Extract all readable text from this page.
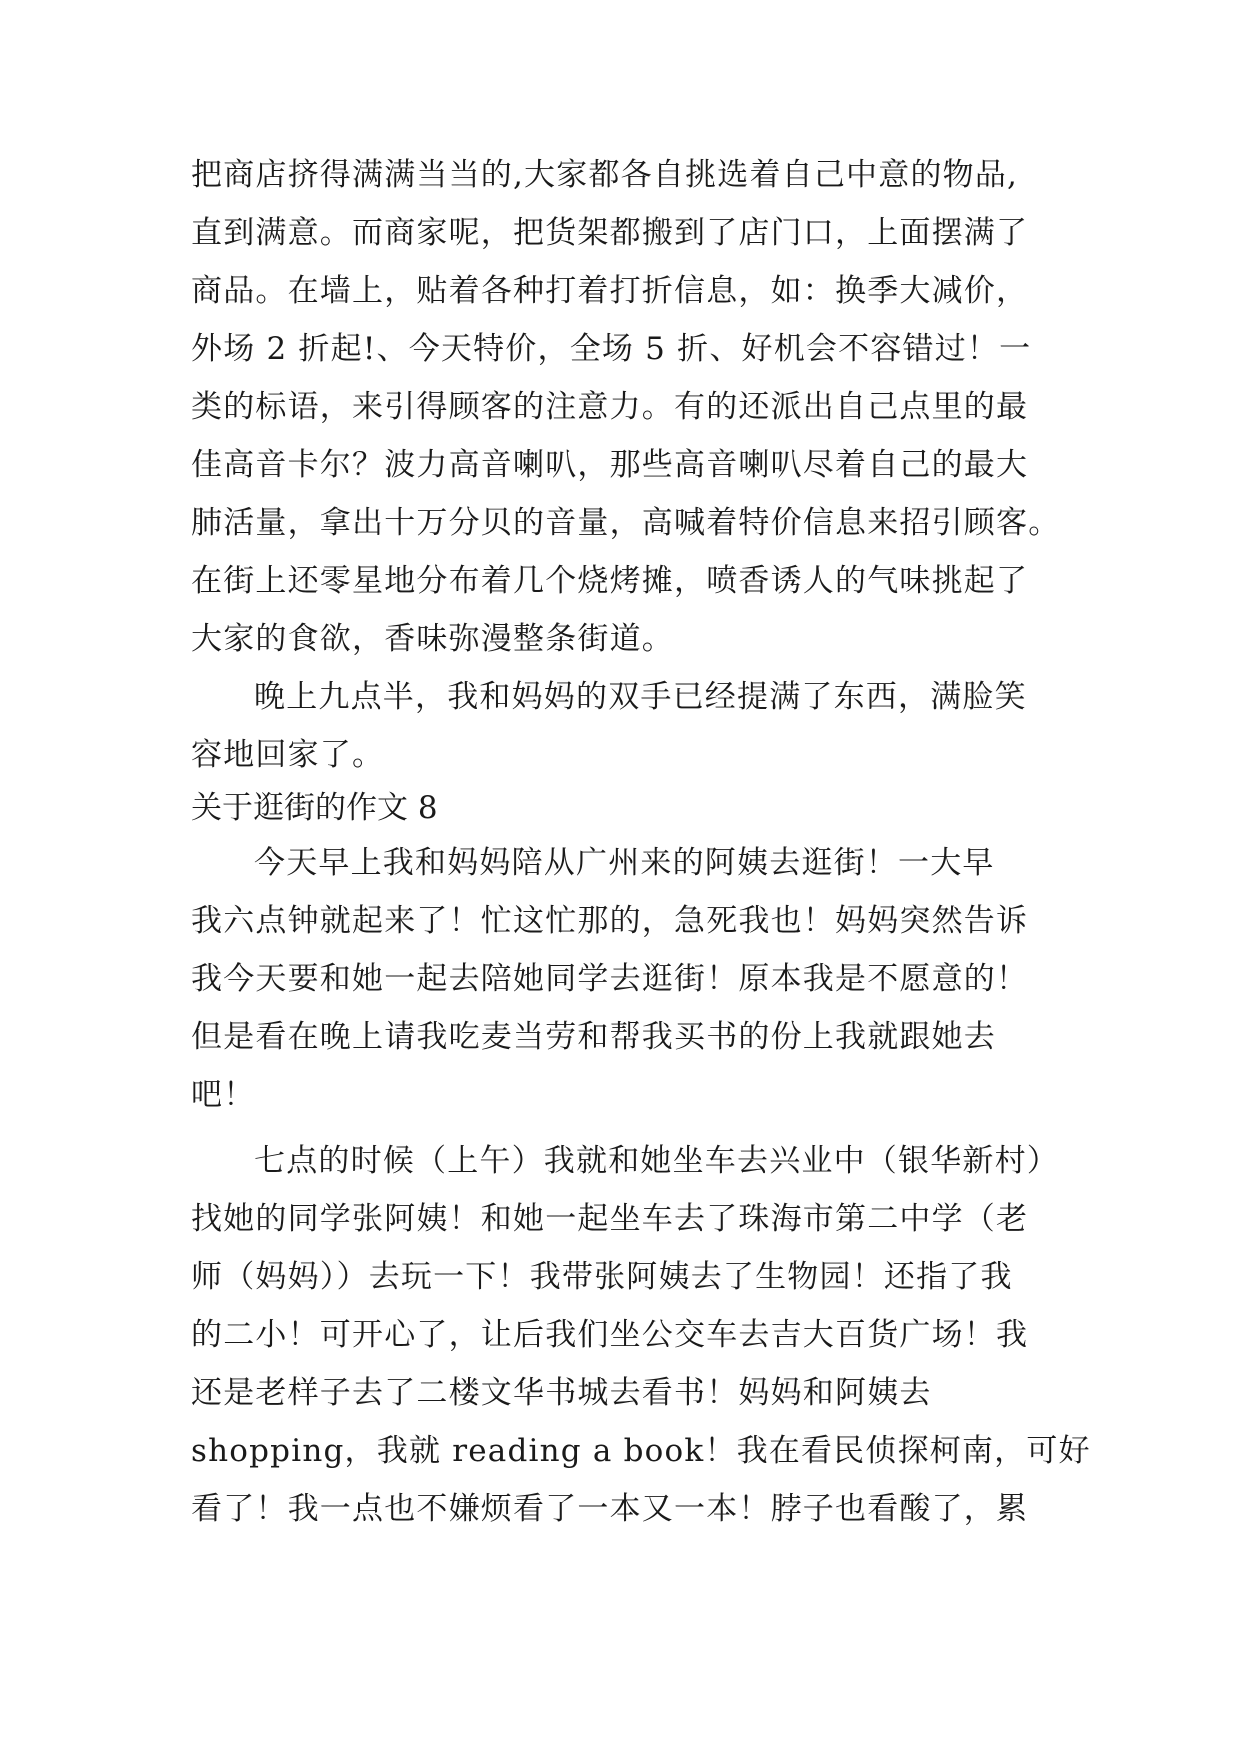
把商店挤得满满当当的,大家都各自挑选着自己中意的物品,
直到满意。而商家呢，把货架都搬到了店门口，上面摆满了
商品。在墙上，贴着各种打着打折信息，如：换季大减价，
外场 2 折起!、今天特价，全场 5 折、好机会不容错过！一
类的标语，来引得顾客的注意力。有的还派出自己点里的最
佳高音卡尔？波力高音喇叭，那些高音喇叭尽着自己的最大
肺活量，拿出十万分贝的音量，高喊着特价信息来招引顾客。
在街上还零星地分布着几个烧烤摊，喷香诱人的气味挑起了
大家的食欲，香味弥漫整条街道。
晚上九点半，我和妈妈的双手已经提满了东西，满脸笑
容地回家了。
关于逛街的作文 8
今天早上我和妈妈陪从广州来的阿姨去逛街！一大早
我六点钟就起来了！忙这忙那的，急死我也！妈妈突然告诉
我今天要和她一起去陪她同学去逛街！原本我是不愿意的！
但是看在晚上请我吃麦当劳和帮我买书的份上我就跟她去
吧！
七点的时候（上午）我就和她坐车去兴业中（银华新村）
找她的同学张阿姨！和她一起坐车去了珠海市第二中学（老
师（妈妈））去玩一下！我带张阿姨去了生物园！还指了我
的二小！可开心了，让后我们坐公交车去吉大百货广场！我
还是老样子去了二楼文华书城去看书！妈妈和阿姨去
shopping，我就 reading a book！我在看民侦探柯南，可好
看了！我一点也不嫌烦看了一本又一本！脖子也看酸了，累
